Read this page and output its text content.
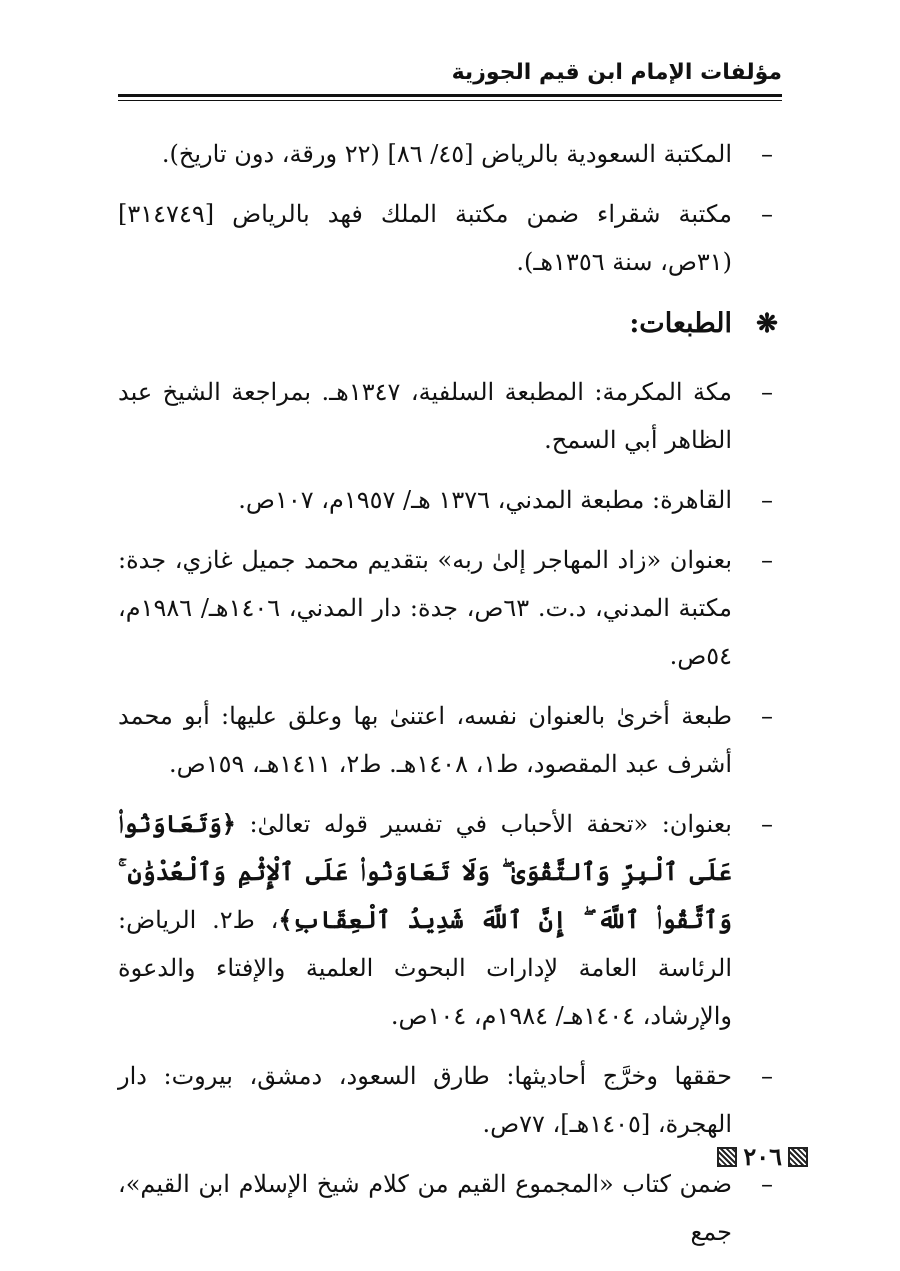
مؤلفات الإمام ابن قيم الجوزية
–
المكتبة السعودية بالرياض [٤٥/ ٨٦] (٢٢ ورقة، دون تاريخ).
–
مكتبة شقراء ضمن مكتبة الملك فهد بالرياض [٣١٤٧٤٩] (٣١ص، سنة ١٣٥٦هـ).
❋
الطبعات:
–
مكة المكرمة: المطبعة السلفية، ١٣٤٧هـ. بمراجعة الشيخ عبد الظاهر أبي السمح.
–
القاهرة: مطبعة المدني، ١٣٧٦ هـ/ ١٩٥٧م، ١٠٧ص.
–
بعنوان «زاد المهاجر إلىٰ ربه» بتقديم محمد جميل غازي، جدة: مكتبة المدني، د.ت. ٦٣ص، جدة: دار المدني، ١٤٠٦هـ/ ١٩٨٦م، ٥٤ص.
–
طبعة أخرىٰ بالعنوان نفسه، اعتنىٰ بها وعلق عليها: أبو محمد أشرف عبد المقصود، ط١، ١٤٠٨هـ. ط٢، ١٤١١هـ، ١٥٩ص.
–
بعنوان: «تحفة الأحباب في تفسير قوله تعالىٰ: ﴿وَتَعَاوَنُوا۟ عَلَى ٱلْبِرِّ وَٱلتَّقْوَىٰ ۖ وَلَا تَعَاوَنُوا۟ عَلَى ٱلْإِثْمِ وَٱلْعُدْوَٰنِ ۚ وَٱتَّقُوا۟ ٱللَّهَ ۖ إِنَّ ٱللَّهَ شَدِيدُ ٱلْعِقَابِ﴾، ط٢. الرياض: الرئاسة العامة لإدارات البحوث العلمية والإفتاء والدعوة والإرشاد، ١٤٠٤هـ/ ١٩٨٤م، ١٠٤ص.
–
حققها وخرَّج أحاديثها: طارق السعود، دمشق، بيروت: دار الهجرة، [١٤٠٥هـ]، ٧٧ص.
–
ضمن كتاب «المجموع القيم من كلام شيخ الإسلام ابن القيم»، جمع
٢٠٦
